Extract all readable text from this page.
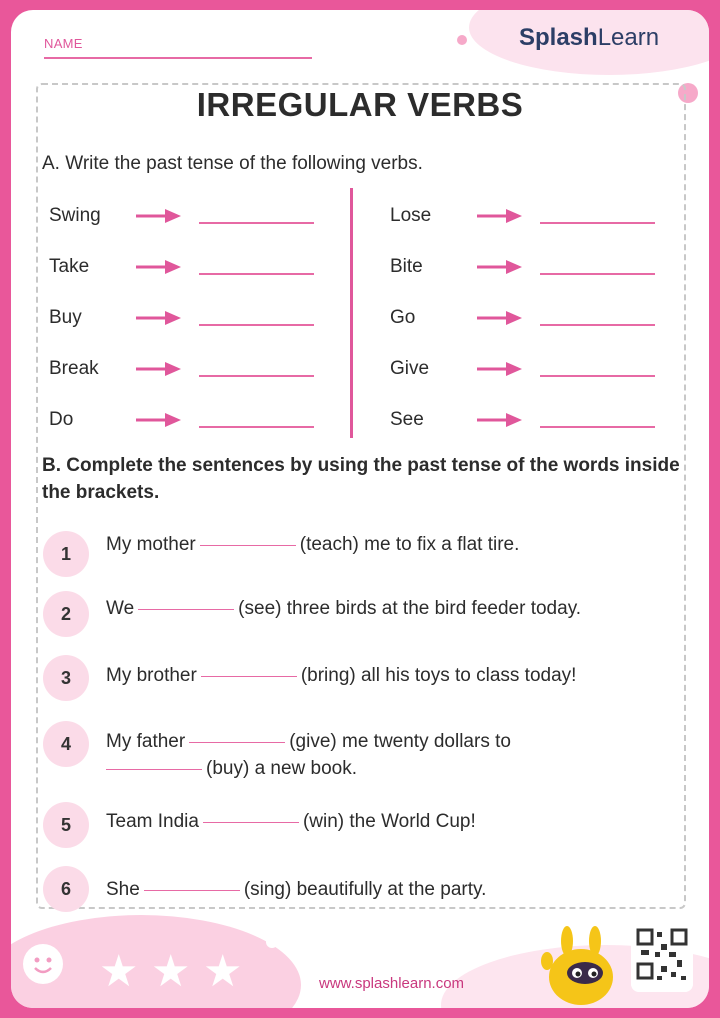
NAME	SplashLearn
IRREGULAR VERBS
A. Write the past tense of the following verbs.
Swing
Take
Buy
Break
Do
Lose
Bite
Go
Give
See
B. Complete the sentences by using the past tense of the words inside the brackets.
1	My mother	(teach) me to fix a flat tire.
2	We	(see) three birds at the bird feeder today.
3	My brother	(bring) all his toys to class today!
4	My father	(give) me twenty dollars to
(buy) a new book.
5	Team India	(win) the World Cup!
6	She	(sing) beautifully at the party.
★ ★ ★	www.splashlearn.com
